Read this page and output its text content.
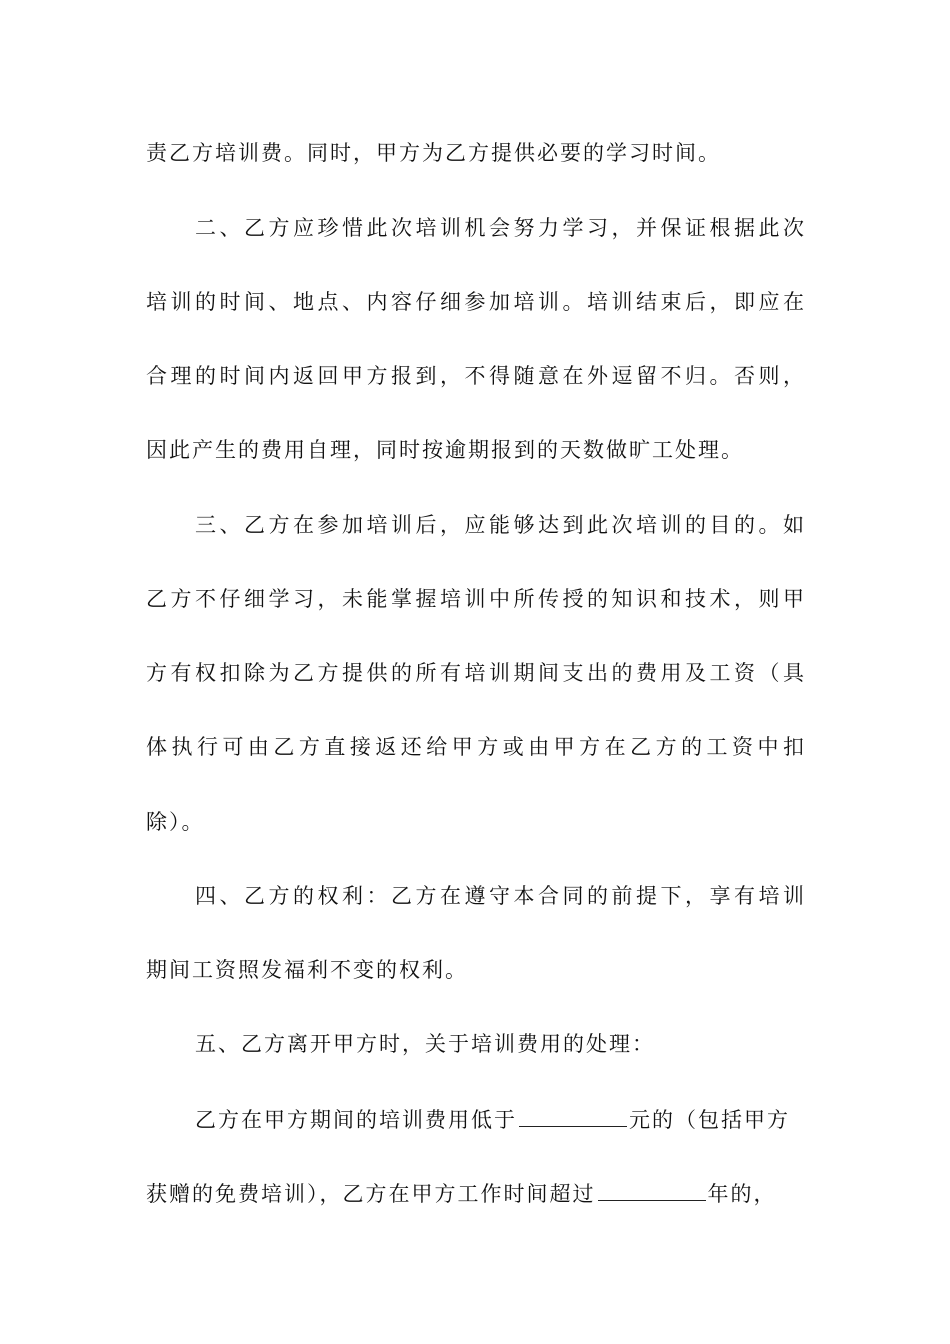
责乙方培训费。同时，甲方为乙方提供必要的学习时间。
二、乙方应珍惜此次培训机会努力学习，并保证根据此次
培训的时间、地点、内容仔细参加培训。培训结束后，即应在
合理的时间内返回甲方报到，不得随意在外逗留不归。否则，
因此产生的费用自理，同时按逾期报到的天数做旷工处理。
三、乙方在参加培训后，应能够达到此次培训的目的。如
乙方不仔细学习，未能掌握培训中所传授的知识和技术，则甲
方有权扣除为乙方提供的所有培训期间支出的费用及工资（具
体执行可由乙方直接返还给甲方或由甲方在乙方的工资中扣
除）。
四、乙方的权利：乙方在遵守本合同的前提下，享有培训
期间工资照发福利不变的权利。
五、乙方离开甲方时，关于培训费用的处理：
乙方在甲方期间的培训费用低于	元的（包括甲方
获赠的免费培训），乙方在甲方工作时间超过	年的，
